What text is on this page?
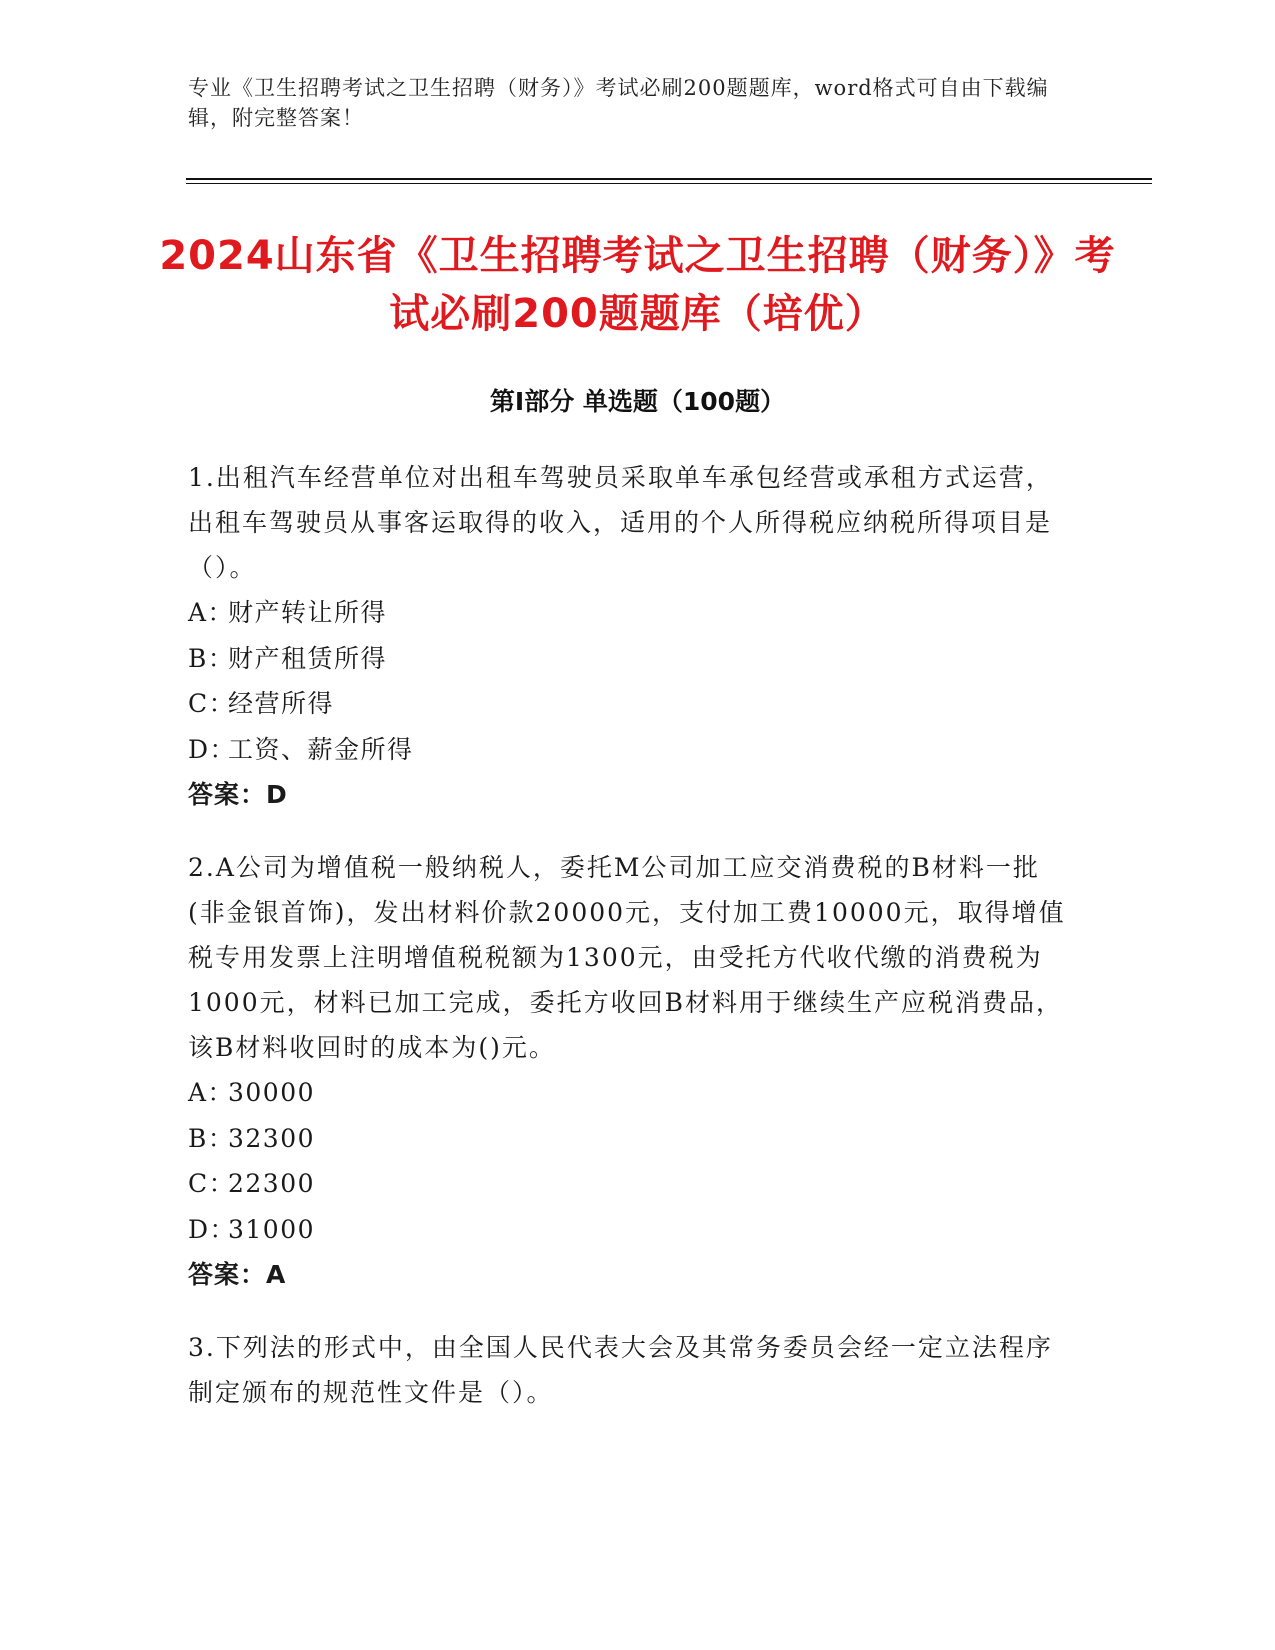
专业《卫生招聘考试之卫生招聘（财务）》考试必刷200题题库，word格式可自由下载编辑，附完整答案！
2024山东省《卫生招聘考试之卫生招聘（财务）》考试必刷200题题库（培优）
第Ⅰ部分 单选题（100题）
1.出租汽车经营单位对出租车驾驶员采取单车承包经营或承租方式运营，出租车驾驶员从事客运取得的收入，适用的个人所得税应纳税所得项目是（）。
A：财产转让所得
B：财产租赁所得
C：经营所得
D：工资、薪金所得
答案：D
2.A公司为增值税一般纳税人，委托M公司加工应交消费税的B材料一批(非金银首饰)，发出材料价款20000元，支付加工费10000元，取得增值税专用发票上注明增值税税额为1300元，由受托方代收代缴的消费税为1000元，材料已加工完成，委托方收回B材料用于继续生产应税消费品，该B材料收回时的成本为()元。
A：30000
B：32300
C：22300
D：31000
答案：A
3.下列法的形式中，由全国人民代表大会及其常务委员会经一定立法程序制定颁布的规范性文件是（）。
